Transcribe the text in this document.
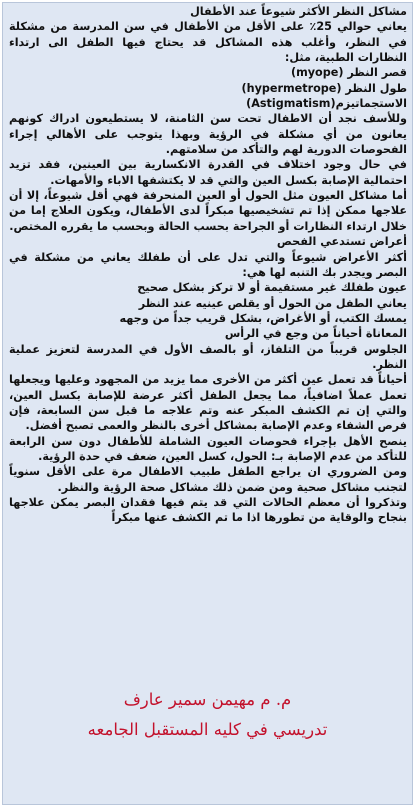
مشاكل النظر الأكثر شيوعاً عند الأطفال

يعاني حوالي 25٪ على الأقل من الأطفال في سن المدرسة من مشكلة في النظر، وأغلب هذه المشاكل قد يحتاج فيها الطفل الى ارتداء النظارات الطبية، مثل:

قصر النظر (myope)

طول النظر (hypermetrope)

الاستجماتيزم(Astigmatism)

وللأسف نجد أن الاطفال تحت سن الثامنة، لا يستطيعون ادراك كونهم يعانون من أي مشكلة في الرؤية وبهذا يتوجب على الأهالي إجراء الفحوصات الدورية لهم والتأكد من سلامتهم.

في حال وجود اختلاف في القدرة الانكسارية بين العينين، فقد تزيد احتمالية الإصابة بكسل العين والتي قد لا يكتشفها الاباء والأمهات.

أما مشاكل العيون مثل الحول أو العين المنحرفة فهي أقل شيوعاً، إلا أن علاجها ممكن إذا تم تشخيصيها مبكراً لدى الأطفال، ويكون العلاج إما من خلال ارتداء النظارات أو الجراحة بحسب الحالة وبحسب ما يقرره المختص.

أعراض تستدعي الفحص

أكثر الأعراض شيوعاً والتي تدل على أن طفلك يعاني من مشكلة في البصر ويجدر بك التنبه لها هي:

عيون طفلك غير مستقيمة أو لا تركز بشكل صحيح

يعاني الطفل من الحول أو يقلص عينيه عند النظر

يمسك الكتب، أو الأغراض، بشكل قريب جداً من وجهه

المعاناة أحياناً من وجع في الرأس

الجلوس قريباً من التلفاز، أو بالصف الأول في المدرسة لتعزيز عملية النظر.

أحياناً قد تعمل عين أكثر من الأخرى مما يزيد من المجهود وعليها ويجعلها تعمل عملاً اضافياً، مما يجعل الطفل أكثر عرضة للإصابة بكسل العين، والتي إن تم الكشف المبكر عنه وتم علاجه ما قبل سن السابعة، فإن فرص الشفاء وعدم الإصابة بمشاكل أخرى بالنظر والعمى تصبح أفضل.

ينصح الأهل بإجراء فحوصات العيون الشاملة للأطفال دون سن الرابعة للتأكد من عدم الإصابة بـ: الحول، كسل العين، ضعف في حدة الرؤية.

ومن الضروري ان يراجع الطفل طبيب الاطفال مرة على الأقل سنوياً لتجنب مشاكل صحية ومن ضمن ذلك مشاكل صحة الرؤية والنظر.

وتذكروا أن معظم الحالات التي قد يتم فيها فقدان البصر يمكن علاجها بنجاح والوقاية من تطورها اذا ما تم الكشف عنها مبكراً

م. م مهيمن سمير عارف

تدريسي في كليه المستقبل الجامعه
